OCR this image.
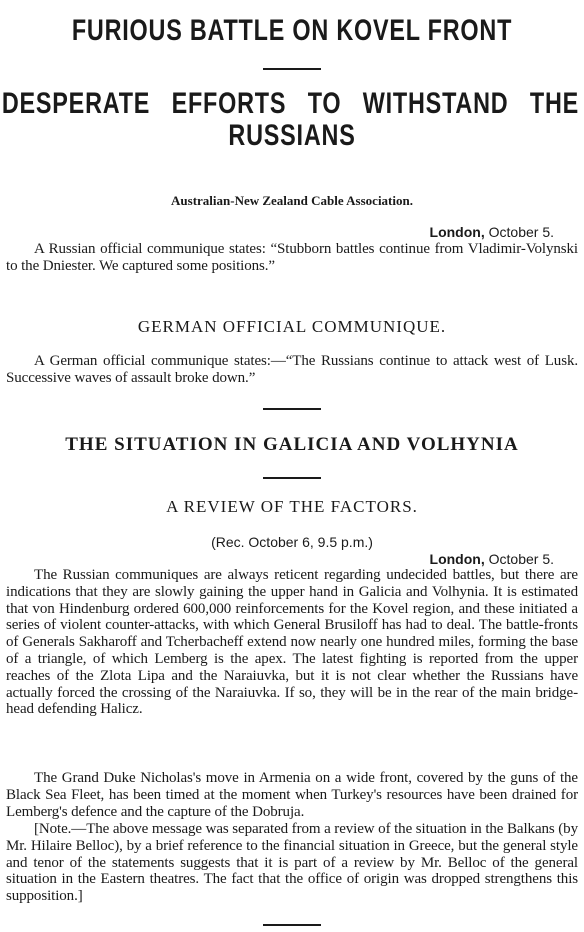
FURIOUS BATTLE ON KOVEL FRONT
DESPERATE EFFORTS TO WITHSTAND THE
RUSSIANS
Australian-New Zealand Cable Association.
London, October 5.

A Russian official communique states: “Stubborn battles continue from Vladimir-Volynski to the Dniester. We captured some positions.”

GERMAN OFFICIAL COMMUNIQUE.

A German official communique states:—“The Russians continue to attack west of Lusk. Successive waves of assault broke down.”

THE SITUATION IN GALICIA AND VOLHYNIA
A REVIEW OF THE FACTORS.
(Rec. October 6, 9.5 p.m.)
London, October 5.

The Russian communiques are always reticent regarding undecided battles, but there are indications that they are slowly gaining the upper hand in Galicia and Volhynia. It is estimated that von Hindenburg ordered 600,000 reinforcements for the Kovel region, and these initiated a series of violent counter-attacks, with which General Brusiloff has had to deal. The battle-fronts of Generals Sakharoff and Tcherbacheff extend now nearly one hundred miles, forming the base of a triangle, of which Lemberg is the apex. The latest fighting is reported from the upper reaches of the Zlota Lipa and the Naraiuvka, but it is not clear whether the Russians have actually forced the crossing of the Naraiuvka. If so, they will be in the rear of the main bridge-head defending Halicz.

The Grand Duke Nicholas's move in Armenia on a wide front, covered by the guns of the Black Sea Fleet, has been timed at the moment when Turkey's resources have been drained for Lemberg's defence and the capture of the Dobruja.

[Note.—The above message was separated from a review of the situation in the Balkans (by Mr. Hilaire Belloc), by a brief reference to the financial situation in Greece, but the general style and tenor of the statements suggests that it is part of a review by Mr. Belloc of the general situation in the Eastern theatres. The fact that the office of origin was dropped strengthens this supposition.]
